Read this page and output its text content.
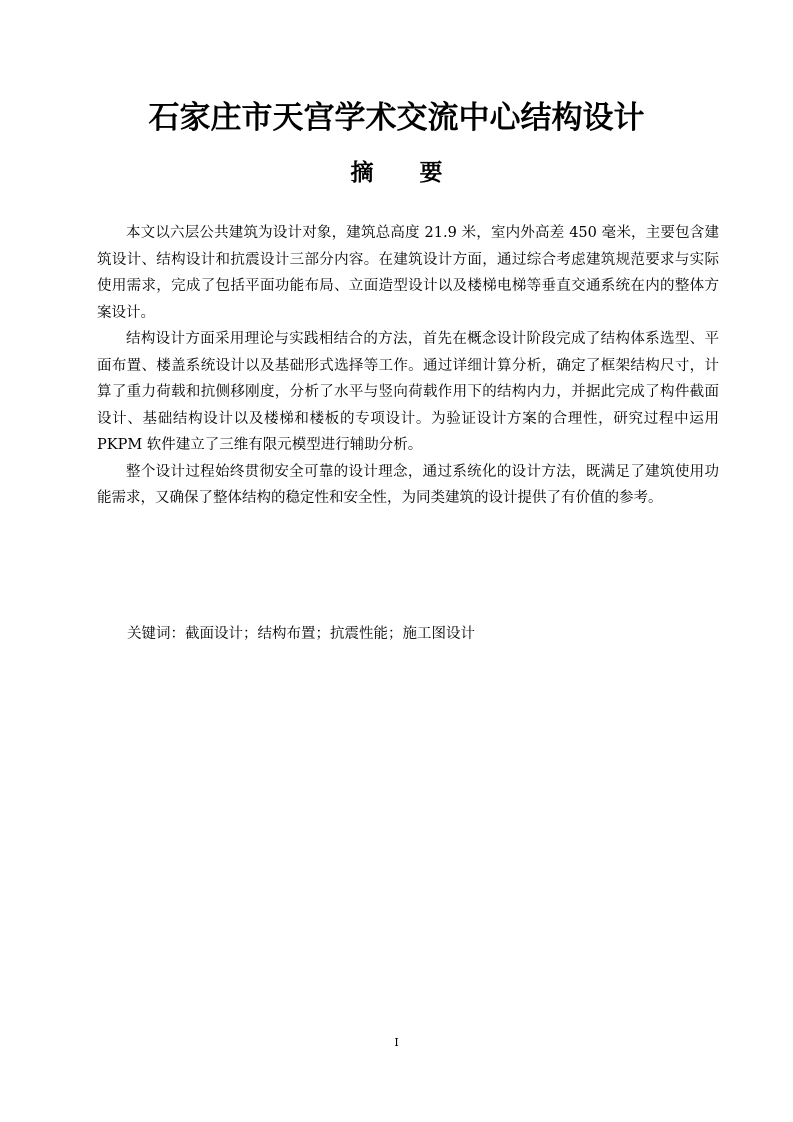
石家庄市天宫学术交流中心结构设计
摘要

本文以六层公共建筑为设计对象，建筑总高度 21.9 米，室内外高差 450 毫米，主要包含建筑设计、结构设计和抗震设计三部分内容。在建筑设计方面，通过综合考虑建筑规范要求与实际使用需求，完成了包括平面功能布局、立面造型设计以及楼梯电梯等垂直交通系统在内的整体方案设计。

结构设计方面采用理论与实践相结合的方法，首先在概念设计阶段完成了结构体系选型、平面布置、楼盖系统设计以及基础形式选择等工作。通过详细计算分析，确定了框架结构尺寸，计算了重力荷载和抗侧移刚度，分析了水平与竖向荷载作用下的结构内力，并据此完成了构件截面设计、基础结构设计以及楼梯和楼板的专项设计。为验证设计方案的合理性，研究过程中运用 PKPM 软件建立了三维有限元模型进行辅助分析。

整个设计过程始终贯彻安全可靠的设计理念，通过系统化的设计方法，既满足了建筑使用功能需求，又确保了整体结构的稳定性和安全性，为同类建筑的设计提供了有价值的参考。

关键词：截面设计；结构布置；抗震性能；施工图设计
I
